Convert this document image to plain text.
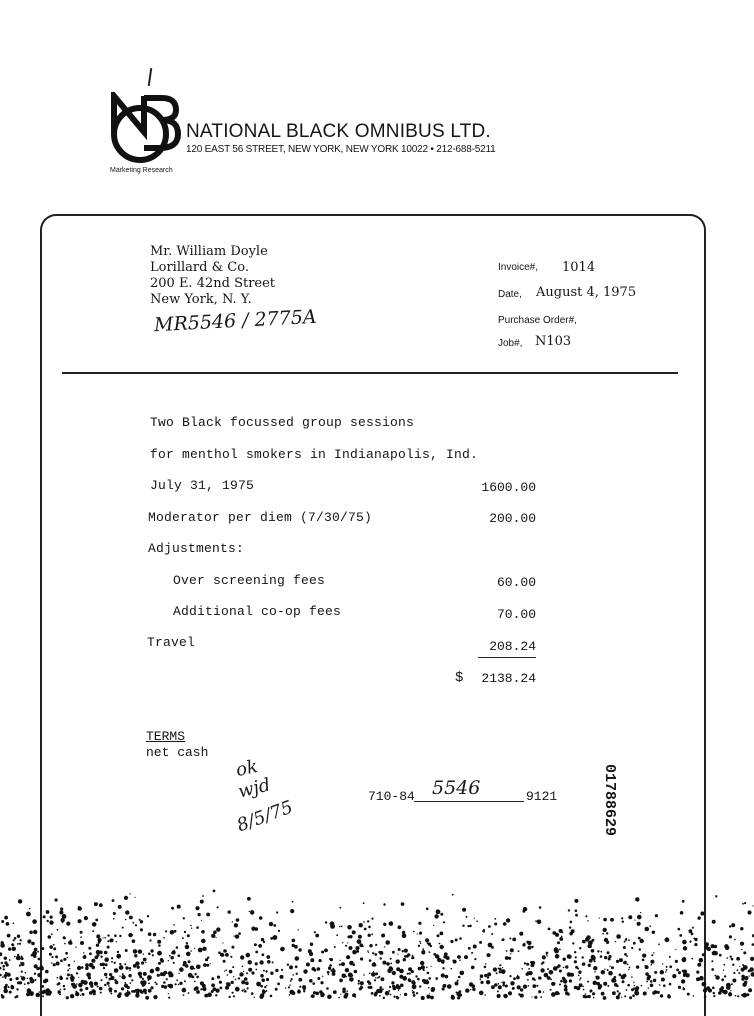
NATIONAL BLACK OMNIBUS LTD.
120 EAST 56 STREET, NEW YORK, NEW YORK 10022 • 212-688-5211
Marketing Research
Mr. William Doyle
Lorillard & Co.
200 E. 42nd Street
New York, N. Y.
MR5546 / 2775A
Invoice#, 1014
Date, August 4, 1975
Purchase Order#,
Job#, N103
Two Black focussed group sessions
for menthol smokers in Indianapolis, Ind.
July 31, 1975	1600.00
Moderator per diem (7/30/75)	200.00
Adjustments:
Over screening fees	60.00
Additional co-op fees	70.00
Travel	208.24
$	2138.24
TERMS
net cash
ok
wjd
8/5/75
710-84 5546	9121	01788629
